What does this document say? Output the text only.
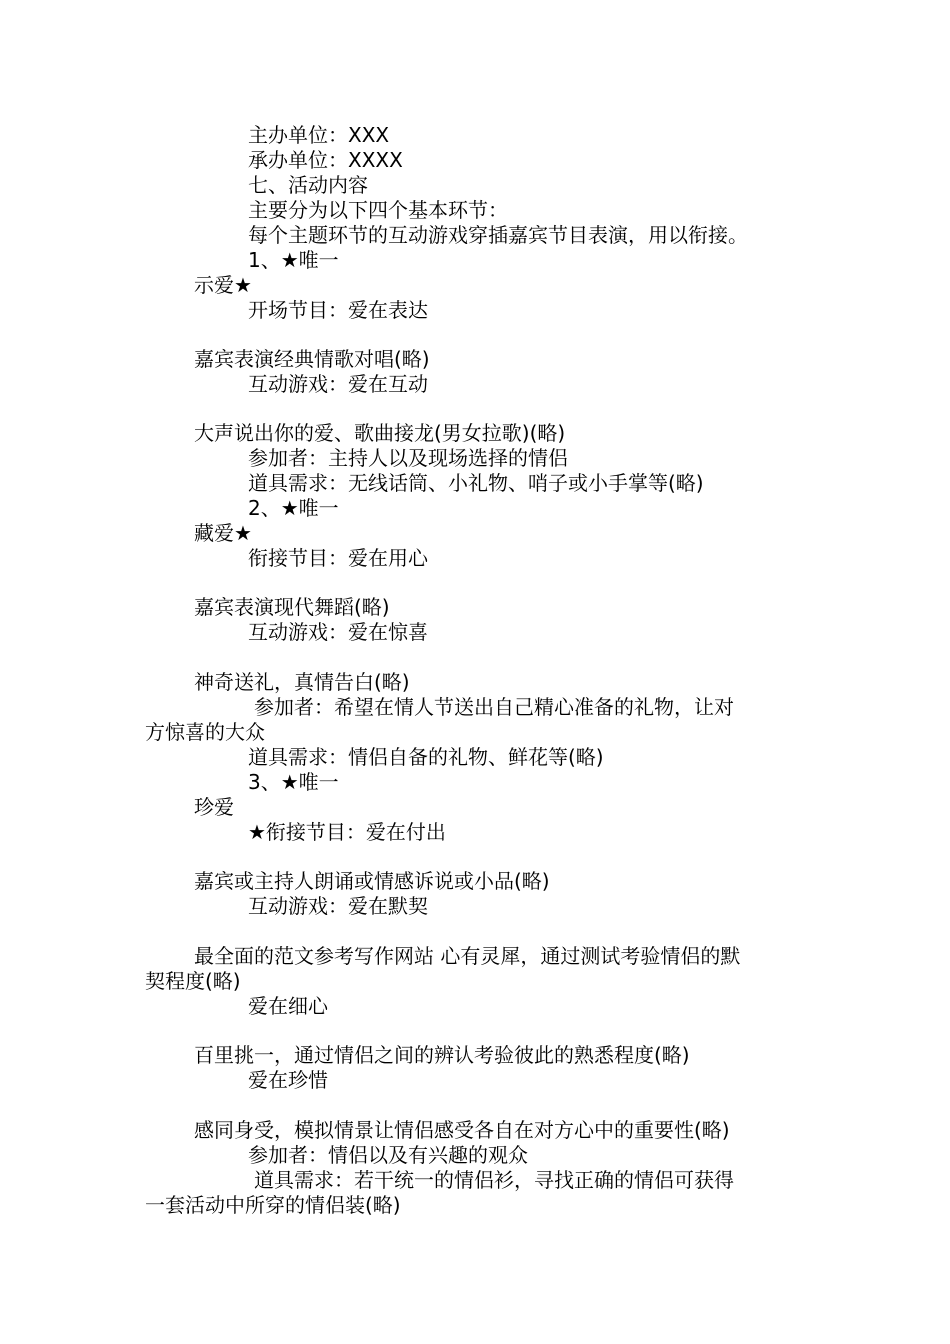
主办单位：XXX
承办单位：XXXX
七、活动内容
主要分为以下四个基本环节：
每个主题环节的互动游戏穿插嘉宾节目表演，用以衔接。
1、★唯一
示爱★
开场节目：爱在表达
嘉宾表演经典情歌对唱(略)
互动游戏：爱在互动
大声说出你的爱、歌曲接龙(男女拉歌)(略)
参加者：主持人以及现场选择的情侣
道具需求：无线话筒、小礼物、哨子或小手掌等(略)
2、★唯一
藏爱★
衔接节目：爱在用心
嘉宾表演现代舞蹈(略)
互动游戏：爱在惊喜
神奇送礼，真情告白(略)
参加者：希望在情人节送出自己精心准备的礼物，让对
方惊喜的大众
道具需求：情侣自备的礼物、鲜花等(略)
3、★唯一
珍爱
★衔接节目：爱在付出
嘉宾或主持人朗诵或情感诉说或小品(略)
互动游戏：爱在默契
最全面的范文参考写作网站 心有灵犀，通过测试考验情侣的默
契程度(略)
爱在细心
百里挑一，通过情侣之间的辨认考验彼此的熟悉程度(略)
爱在珍惜
感同身受，模拟情景让情侣感受各自在对方心中的重要性(略)
参加者：情侣以及有兴趣的观众
道具需求：若干统一的情侣衫，寻找正确的情侣可获得
一套活动中所穿的情侣装(略)
